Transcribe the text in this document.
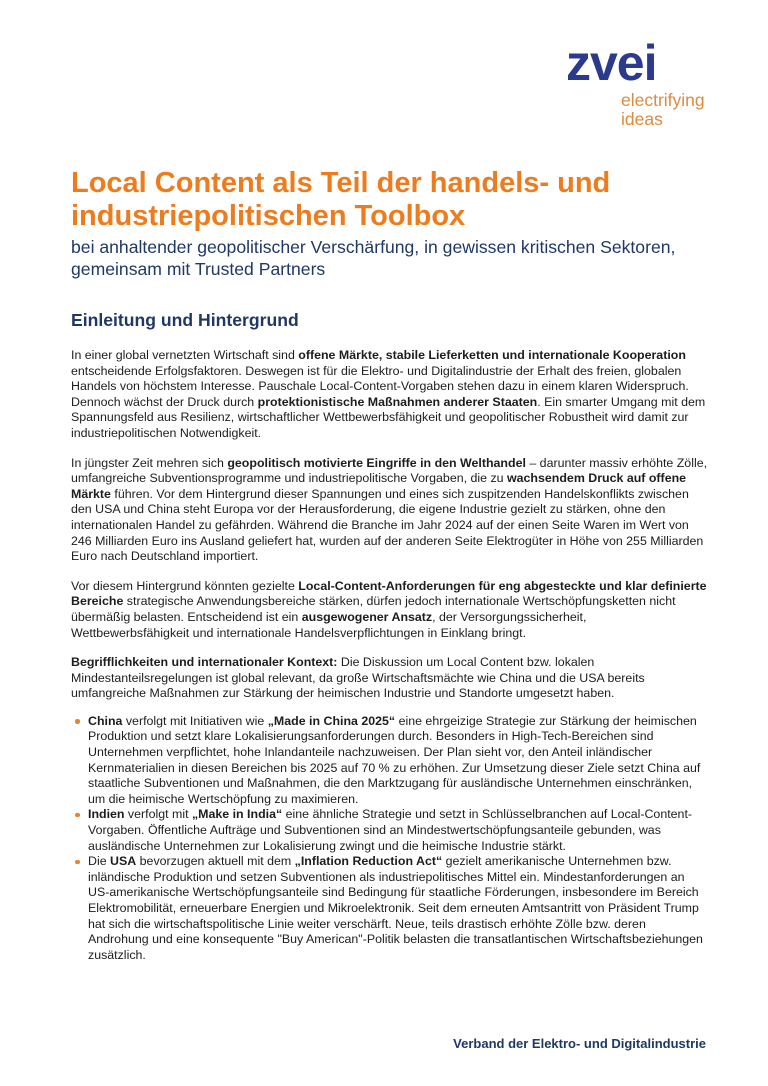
zvei
electrifying
ideas
Local Content als Teil der handels- und industriepolitischen Toolbox
bei anhaltender geopolitischer Verschärfung, in gewissen kritischen Sektoren, gemeinsam mit Trusted Partners
Einleitung und Hintergrund

In einer global vernetzten Wirtschaft sind offene Märkte, stabile Lieferketten und internationale Kooperation entscheidende Erfolgsfaktoren. Deswegen ist für die Elektro- und Digitalindustrie der Erhalt des freien, globalen Handels von höchstem Interesse. Pauschale Local-Content-Vorgaben stehen dazu in einem klaren Widerspruch. Dennoch wächst der Druck durch protektionistische Maßnahmen anderer Staaten. Ein smarter Umgang mit dem Spannungsfeld aus Resilienz, wirtschaftlicher Wettbewerbsfähigkeit und geopolitischer Robustheit wird damit zur industriepolitischen Notwendigkeit.

In jüngster Zeit mehren sich geopolitisch motivierte Eingriffe in den Welthandel – darunter massiv erhöhte Zölle, umfangreiche Subventionsprogramme und industriepolitische Vorgaben, die zu wachsendem Druck auf offene Märkte führen. Vor dem Hintergrund dieser Spannungen und eines sich zuspitzenden Handelskonflikts zwischen den USA und China steht Europa vor der Herausforderung, die eigene Industrie gezielt zu stärken, ohne den internationalen Handel zu gefährden. Während die Branche im Jahr 2024 auf der einen Seite Waren im Wert von 246 Milliarden Euro ins Ausland geliefert hat, wurden auf der anderen Seite Elektrogüter in Höhe von 255 Milliarden Euro nach Deutschland importiert.

Vor diesem Hintergrund könnten gezielte Local-Content-Anforderungen für eng abgesteckte und klar definierte Bereiche strategische Anwendungsbereiche stärken, dürfen jedoch internationale Wertschöpfungsketten nicht übermäßig belasten. Entscheidend ist ein ausgewogener Ansatz, der Versorgungssicherheit, Wettbewerbsfähigkeit und internationale Handelsverpflichtungen in Einklang bringt.

Begrifflichkeiten und internationaler Kontext: Die Diskussion um Local Content bzw. lokalen Mindestanteilsregelungen ist global relevant, da große Wirtschaftsmächte wie China und die USA bereits umfangreiche Maßnahmen zur Stärkung der heimischen Industrie und Standorte umgesetzt haben.

China verfolgt mit Initiativen wie „Made in China 2025“ eine ehrgeizige Strategie zur Stärkung der heimischen Produktion und setzt klare Lokalisierungsanforderungen durch. Besonders in High-Tech-Bereichen sind Unternehmen verpflichtet, hohe Inlandanteile nachzuweisen. Der Plan sieht vor, den Anteil inländischer Kernmaterialien in diesen Bereichen bis 2025 auf 70 % zu erhöhen. Zur Umsetzung dieser Ziele setzt China auf staatliche Subventionen und Maßnahmen, die den Marktzugang für ausländische Unternehmen einschränken, um die heimische Wertschöpfung zu maximieren.
Indien verfolgt mit „Make in India“ eine ähnliche Strategie und setzt in Schlüsselbranchen auf Local-Content-Vorgaben. Öffentliche Aufträge und Subventionen sind an Mindestwertschöpfungsanteile gebunden, was ausländische Unternehmen zur Lokalisierung zwingt und die heimische Industrie stärkt.
Die USA bevorzugen aktuell mit dem „Inflation Reduction Act“ gezielt amerikanische Unternehmen bzw. inländische Produktion und setzen Subventionen als industriepolitisches Mittel ein. Mindestanforderungen an US-amerikanische Wertschöpfungsanteile sind Bedingung für staatliche Förderungen, insbesondere im Bereich Elektromobilität, erneuerbare Energien und Mikroelektronik. Seit dem erneuten Amtsantritt von Präsident Trump hat sich die wirtschaftspolitische Linie weiter verschärft. Neue, teils drastisch erhöhte Zölle bzw. deren Androhung und eine konsequente "Buy American"-Politik belasten die transatlantischen Wirtschaftsbeziehungen zusätzlich.
Verband der Elektro- und Digitalindustrie
